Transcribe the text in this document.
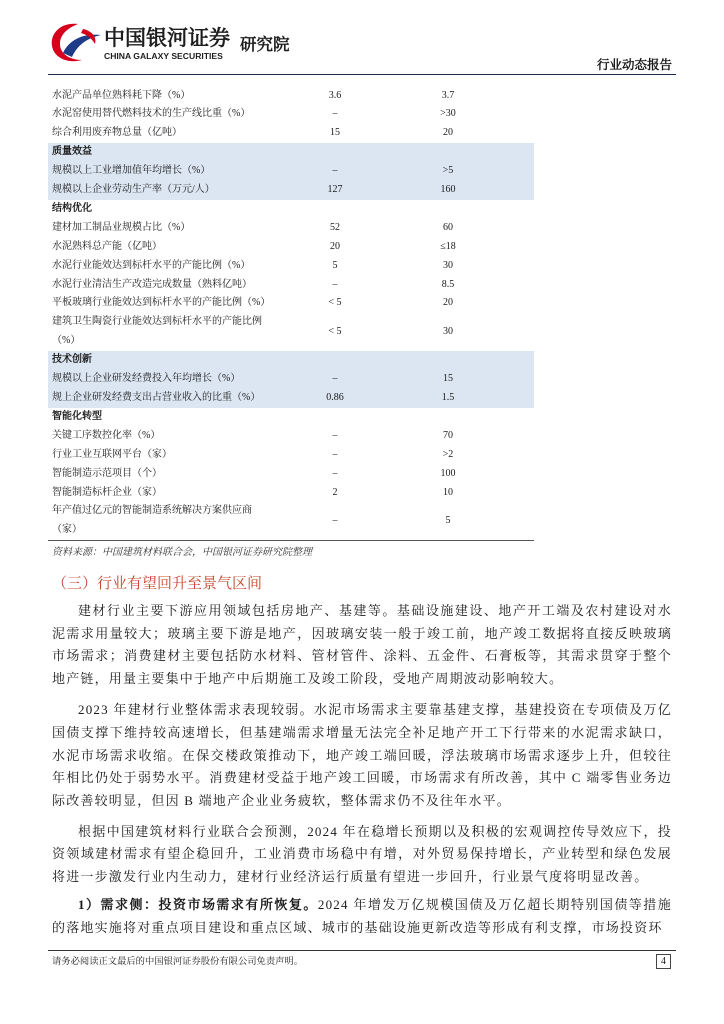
中国银河证券
CHINA GALAXY SECURITIES
研究院
行业动态报告
水泥产品单位熟料耗下降（%）	3.6	3.7
水泥窑使用替代燃料技术的生产线比重（%）	–	>30
综合利用废弃物总量（亿吨）	15	20
质量效益		
规模以上工业增加值年均增长（%）	–	>5
规模以上企业劳动生产率（万元/人）	127	160
结构优化		
建材加工制品业规模占比（%）	52	60
水泥熟料总产能（亿吨）	20	≤18
水泥行业能效达到标杆水平的产能比例（%）	5	30
水泥行业清洁生产改造完成数量（熟料亿吨）	–	8.5
平板玻璃行业能效达到标杆水平的产能比例（%）	< 5	20
建筑卫生陶瓷行业能效达到标杆水平的产能比例（%）	< 5	30
技术创新		
规模以上企业研发经费投入年均增长（%）	–	15
规上企业研发经费支出占营业收入的比重（%）	0.86	1.5
智能化转型		
关键工序数控化率（%）	–	70
行业工业互联网平台（家）	–	>2
智能制造示范项目（个）	–	100
智能制造标杆企业（家）	2	10
年产值过亿元的智能制造系统解决方案供应商（家）	–	5
资料来源：中国建筑材料联合会，中国银河证券研究院整理
（三）行业有望回升至景气区间

建材行业主要下游应用领域包括房地产、基建等。基础设施建设、地产开工端及农村建设对水泥需求用量较大；玻璃主要下游是地产，因玻璃安装一般于竣工前，地产竣工数据将直接反映玻璃市场需求；消费建材主要包括防水材料、管材管件、涂料、五金件、石膏板等，其需求贯穿于整个地产链，用量主要集中于地产中后期施工及竣工阶段，受地产周期波动影响较大。

2023 年建材行业整体需求表现较弱。水泥市场需求主要靠基建支撑，基建投资在专项债及万亿国债支撑下维持较高速增长，但基建端需求增量无法完全补足地产开工下行带来的水泥需求缺口，水泥市场需求收缩。在保交楼政策推动下，地产竣工端回暖，浮法玻璃市场需求逐步上升，但较往年相比仍处于弱势水平。消费建材受益于地产竣工回暖，市场需求有所改善，其中 C 端零售业务边际改善较明显，但因 B 端地产企业业务疲软，整体需求仍不及往年水平。

根据中国建筑材料行业联合会预测，2024 年在稳增长预期以及积极的宏观调控传导效应下，投资领域建材需求有望企稳回升，工业消费市场稳中有增，对外贸易保持增长，产业转型和绿色发展将进一步激发行业内生动力，建材行业经济运行质量有望进一步回升，行业景气度将明显改善。

1）需求侧：投资市场需求有所恢复。2024 年增发万亿规模国债及万亿超长期特别国债等措施的落地实施将对重点项目建设和重点区域、城市的基础设施更新改造等形成有利支撑，市场投资环

请务必阅读正文最后的中国银河证券股份有限公司免责声明。	4
